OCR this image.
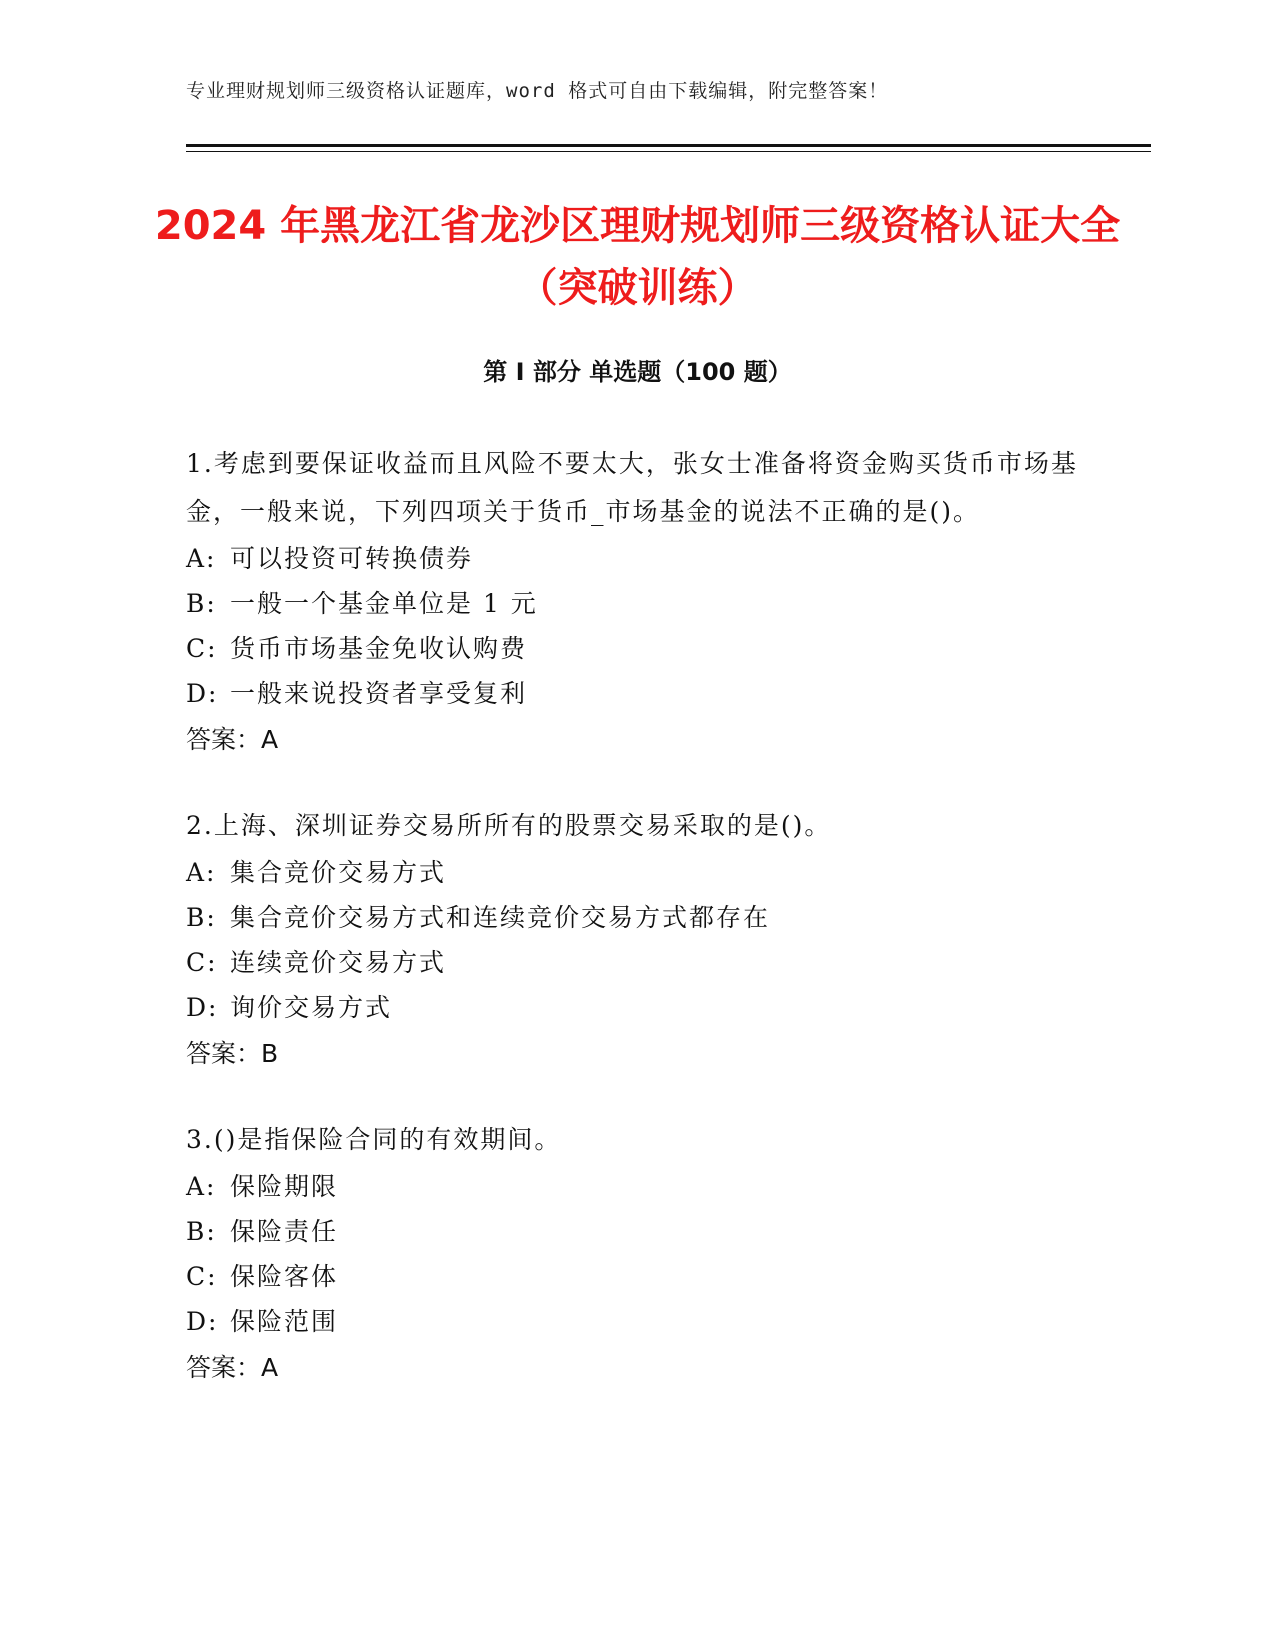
专业理财规划师三级资格认证题库，word 格式可自由下载编辑，附完整答案！
2024 年黑龙江省龙沙区理财规划师三级资格认证大全（突破训练）
第 I 部分 单选题（100 题）

1.考虑到要保证收益而且风险不要太大，张女士准备将资金购买货币市场基金，一般来说，下列四项关于货币_市场基金的说法不正确的是()。

A: 可以投资可转换债券

B: 一般一个基金单位是 1 元

C: 货币市场基金免收认购费

D: 一般来说投资者享受复利

答案：A

2.上海、深圳证券交易所所有的股票交易采取的是()。

A: 集合竞价交易方式

B: 集合竞价交易方式和连续竞价交易方式都存在

C: 连续竞价交易方式

D: 询价交易方式

答案：B

3.()是指保险合同的有效期间。

A: 保险期限

B: 保险责任

C: 保险客体

D: 保险范围

答案：A
